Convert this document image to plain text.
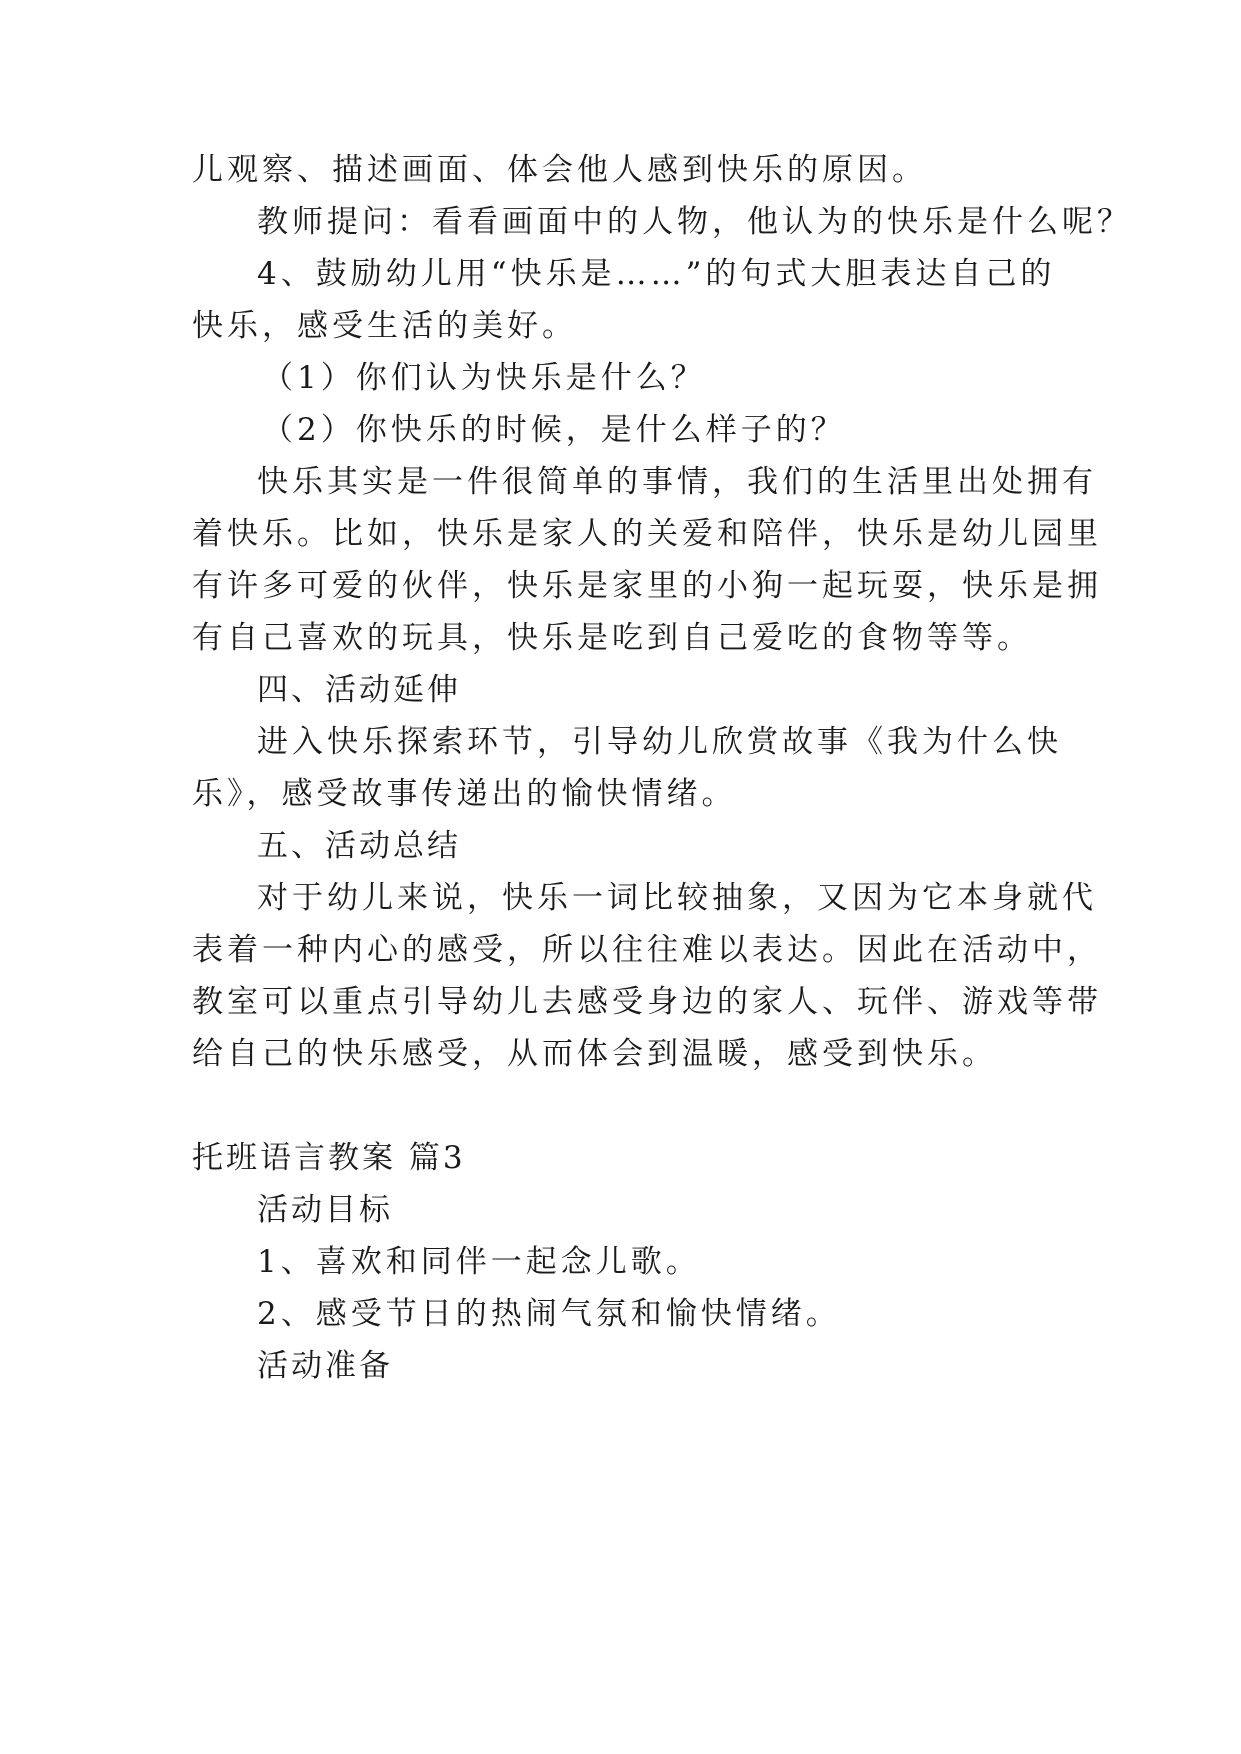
儿观察、描述画面、体会他人感到快乐的原因。
教师提问：看看画面中的人物，他认为的快乐是什么呢？
4、鼓励幼儿用“快乐是……”的句式大胆表达自己的
快乐，感受生活的美好。
（1）你们认为快乐是什么？
（2）你快乐的时候，是什么样子的？
快乐其实是一件很简单的事情，我们的生活里出处拥有
着快乐。比如，快乐是家人的关爱和陪伴，快乐是幼儿园里
有许多可爱的伙伴，快乐是家里的小狗一起玩耍，快乐是拥
有自己喜欢的玩具，快乐是吃到自己爱吃的食物等等。
四、活动延伸
进入快乐探索环节，引导幼儿欣赏故事《我为什么快
乐》，感受故事传递出的愉快情绪。
五、活动总结
对于幼儿来说，快乐一词比较抽象，又因为它本身就代
表着一种内心的感受，所以往往难以表达。因此在活动中，
教室可以重点引导幼儿去感受身边的家人、玩伴、游戏等带
给自己的快乐感受，从而体会到温暖，感受到快乐。
托班语言教案 篇3
活动目标
1、喜欢和同伴一起念儿歌。
2、感受节日的热闹气氛和愉快情绪。
活动准备
